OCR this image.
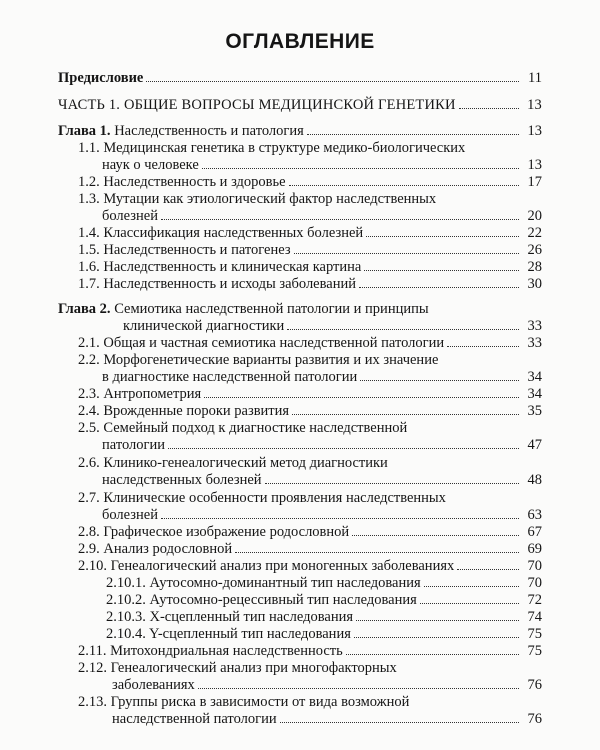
ОГЛАВЛЕНИЕ
Предисловие	11
ЧАСТЬ 1. ОБЩИЕ ВОПРОСЫ МЕДИЦИНСКОЙ ГЕНЕТИКИ	13
Глава 1. Наследственность и патология	13
1.1. Медицинская генетика в структуре медико-биологических
наук о человеке	13
1.2. Наследственность и здоровье	17
1.3. Мутации как этиологический фактор наследственных
болезней	20
1.4. Классификация наследственных болезней	22
1.5. Наследственность и патогенез	26
1.6. Наследственность и клиническая картина	28
1.7. Наследственность и исходы заболеваний	30
Глава 2. Семиотика наследственной патологии и принципы
клинической диагностики	33
2.1. Общая и частная семиотика наследственной патологии	33
2.2. Морфогенетические варианты развития и их значение
в диагностике наследственной патологии	34
2.3. Антропометрия	34
2.4. Врожденные пороки развития	35
2.5. Семейный подход к диагностике наследственной
патологии	47
2.6. Клинико-генеалогический метод диагностики
наследственных болезней	48
2.7. Клинические особенности проявления наследственных
болезней	63
2.8. Графическое изображение родословной	67
2.9. Анализ родословной	69
2.10. Генеалогический анализ при моногенных заболеваниях	70
2.10.1. Аутосомно-доминантный тип наследования	70
2.10.2. Аутосомно-рецессивный тип наследования	72
2.10.3. Х-сцепленный тип наследования	74
2.10.4. Y-сцепленный тип наследования	75
2.11. Митохондриальная наследственность	75
2.12. Генеалогический анализ при многофакторных
заболеваниях	76
2.13. Группы риска в зависимости от вида возможной
наследственной патологии	76
